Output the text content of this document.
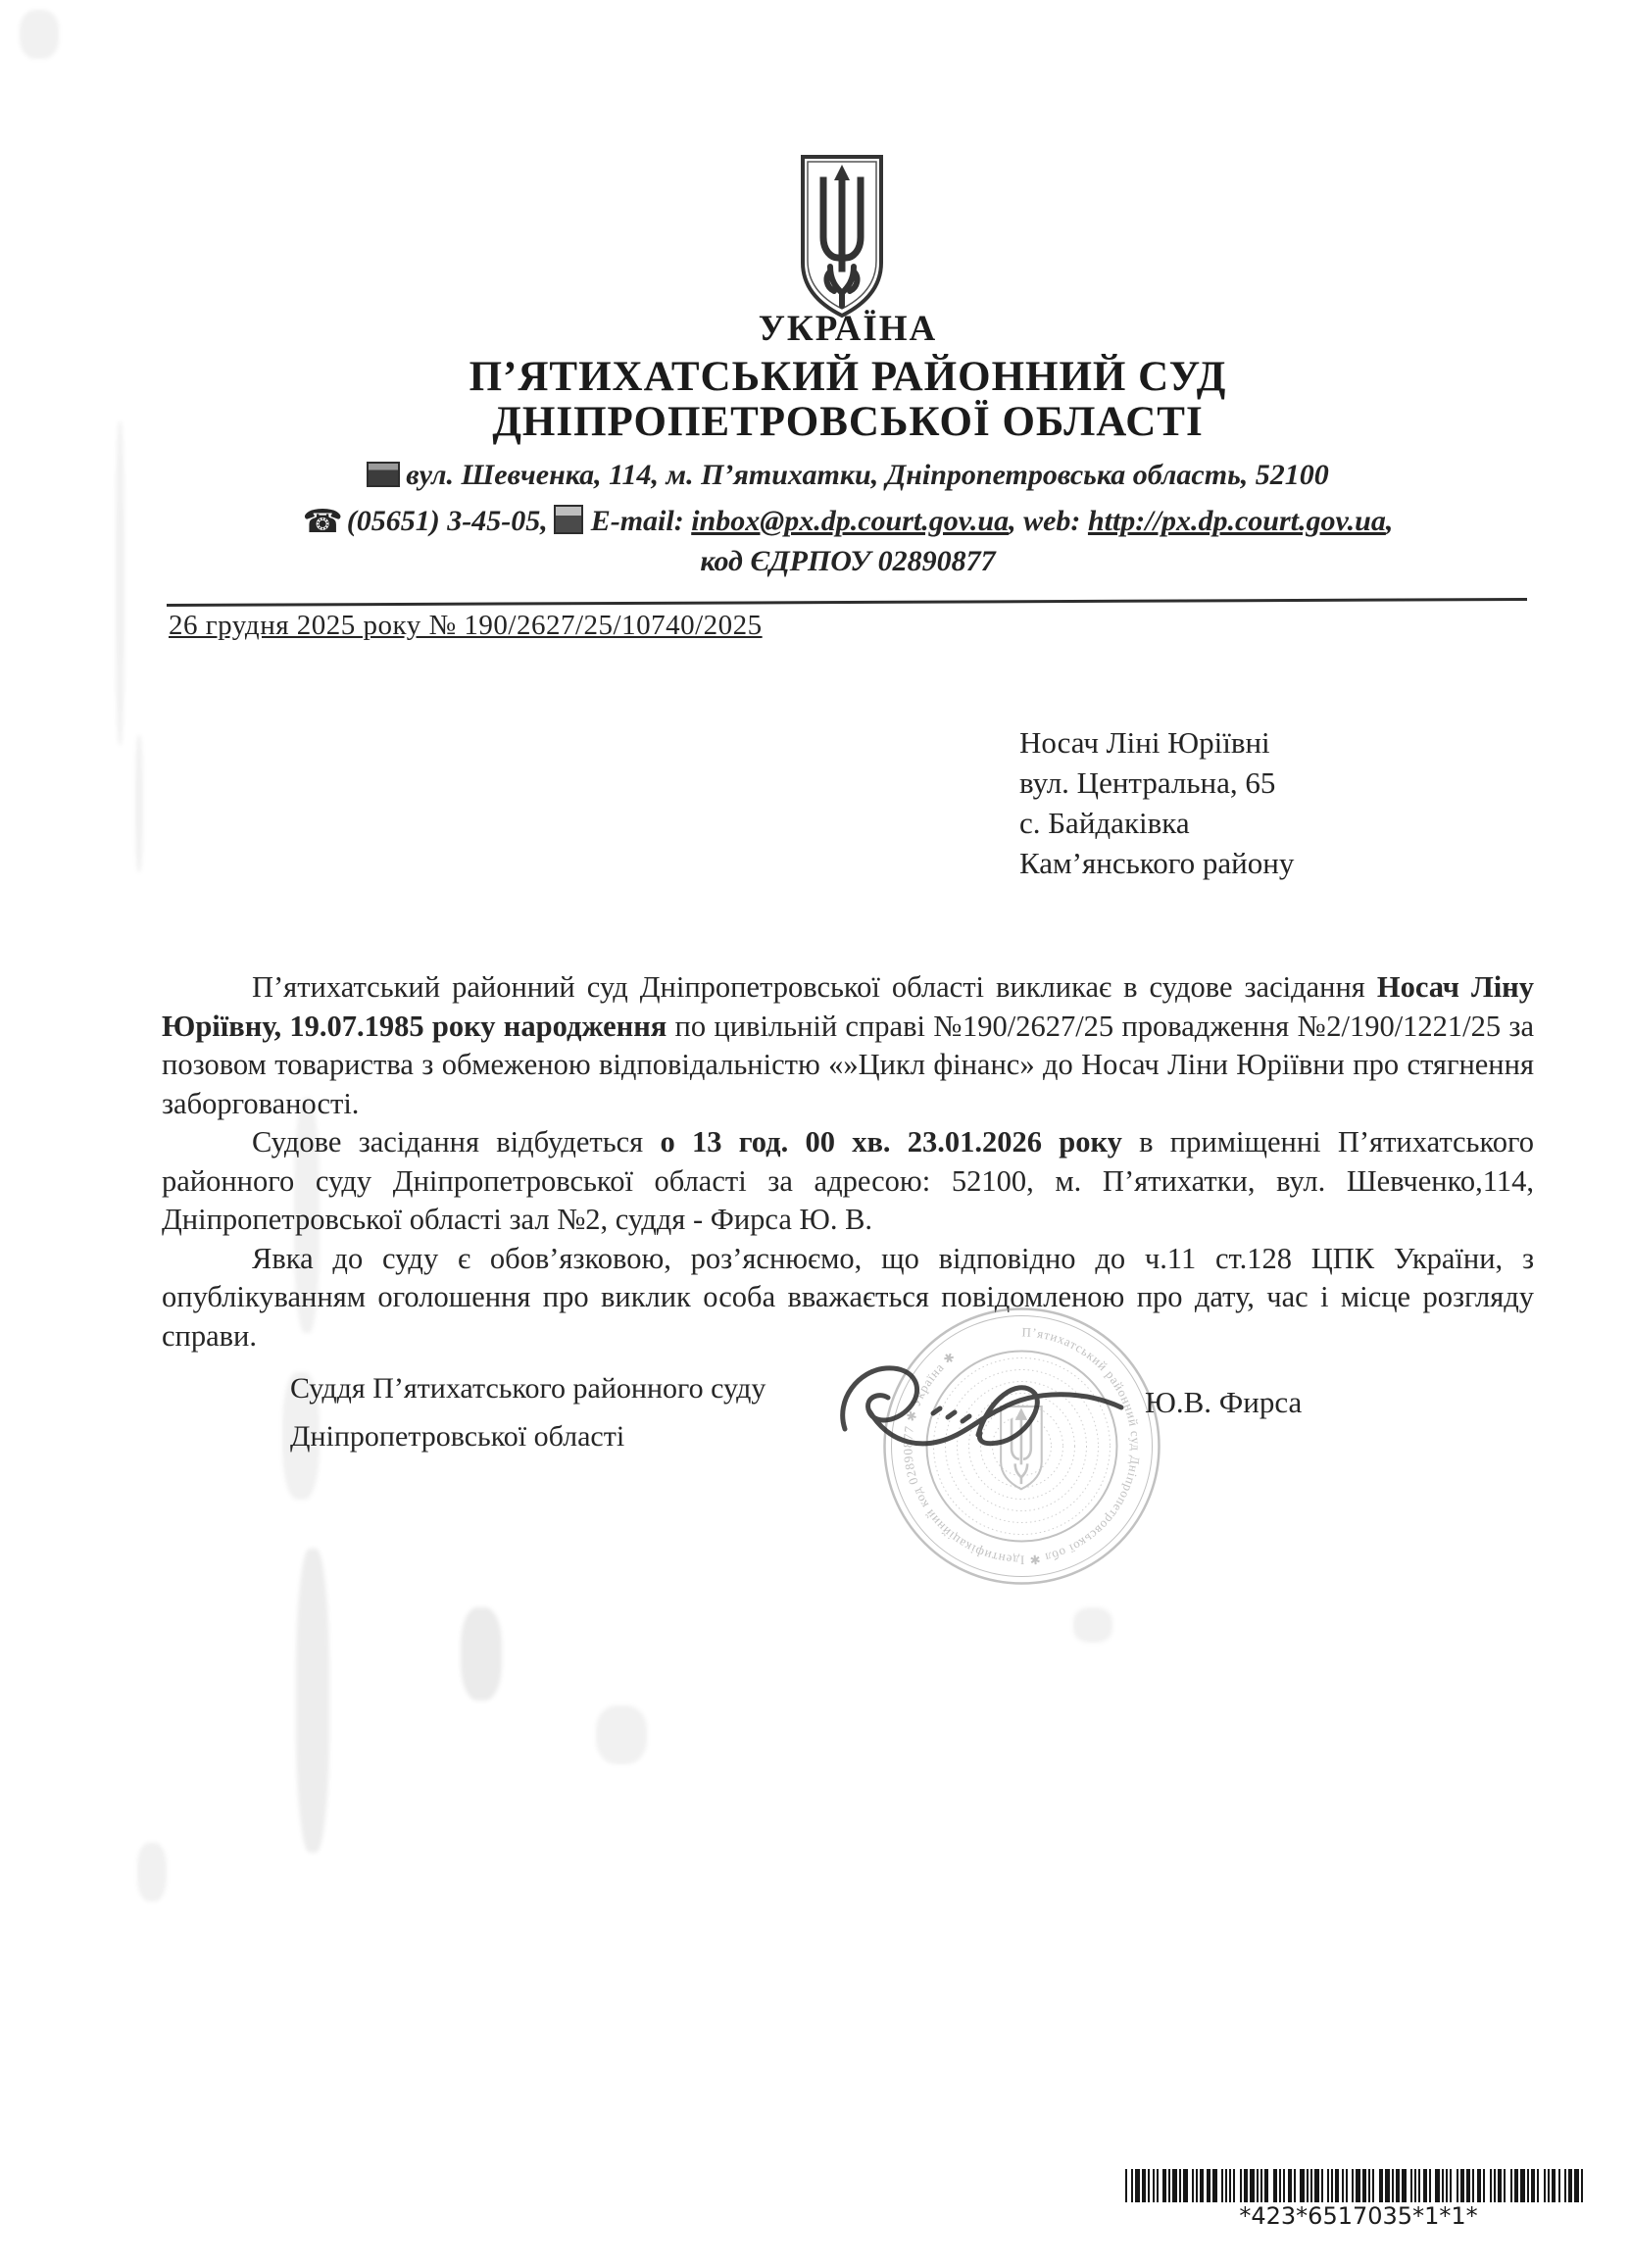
УКРАЇНА
П’ЯТИХАТСЬКИЙ РАЙОННИЙ СУД
ДНІПРОПЕТРОВСЬКОЇ ОБЛАСТІ
вул. Шевченка, 114, м. П’ятихатки, Дніпропетровська область, 52100
☎ (05651) 3-45-05, E-mail: inbox@px.dp.court.gov.ua, web: http://px.dp.court.gov.ua,
код ЄДРПОУ 02890877
26 грудня 2025 року № 190/2627/25/10740/2025
Носач Ліні Юріївні
вул. Центральна, 65
с. Байдаківка
Кам’янського району

П’ятихатський районний суд Дніпропетровської області викликає в судове засідання Носач Ліну Юріївну, 19.07.1985 року народження по цивільній справі №190/2627/25 провадження №2/190/1221/25 за позовом товариства з обмеженою відповідальністю «»Цикл фінанс» до Носач Ліни Юріївни про стягнення заборгованості.

Судове засідання відбудеться о 13 год. 00 хв. 23.01.2026 року в приміщенні П’ятихатського районного суду Дніпропетровської області за адресою: 52100, м. П’ятихатки, вул. Шевченко,114, Дніпропетровської області зал №2, суддя - Фирса Ю. В.

Явка до суду є обов’язковою, роз’яснюємо, що відповідно до ч.11 ст.128 ЦПК України, з опублікуванням оголошення про виклик особа вважається повідомленою про дату, час і місце розгляду справи.

Суддя П’ятихатського районного суду
Дніпропетровської області
П’ятихатський районний суд Дніпропетровської обл ✱ Ідентифікаційний код 02890877 ✱ Україна ✱
Ю.В. Фирса
*423*6517035*1*1*
